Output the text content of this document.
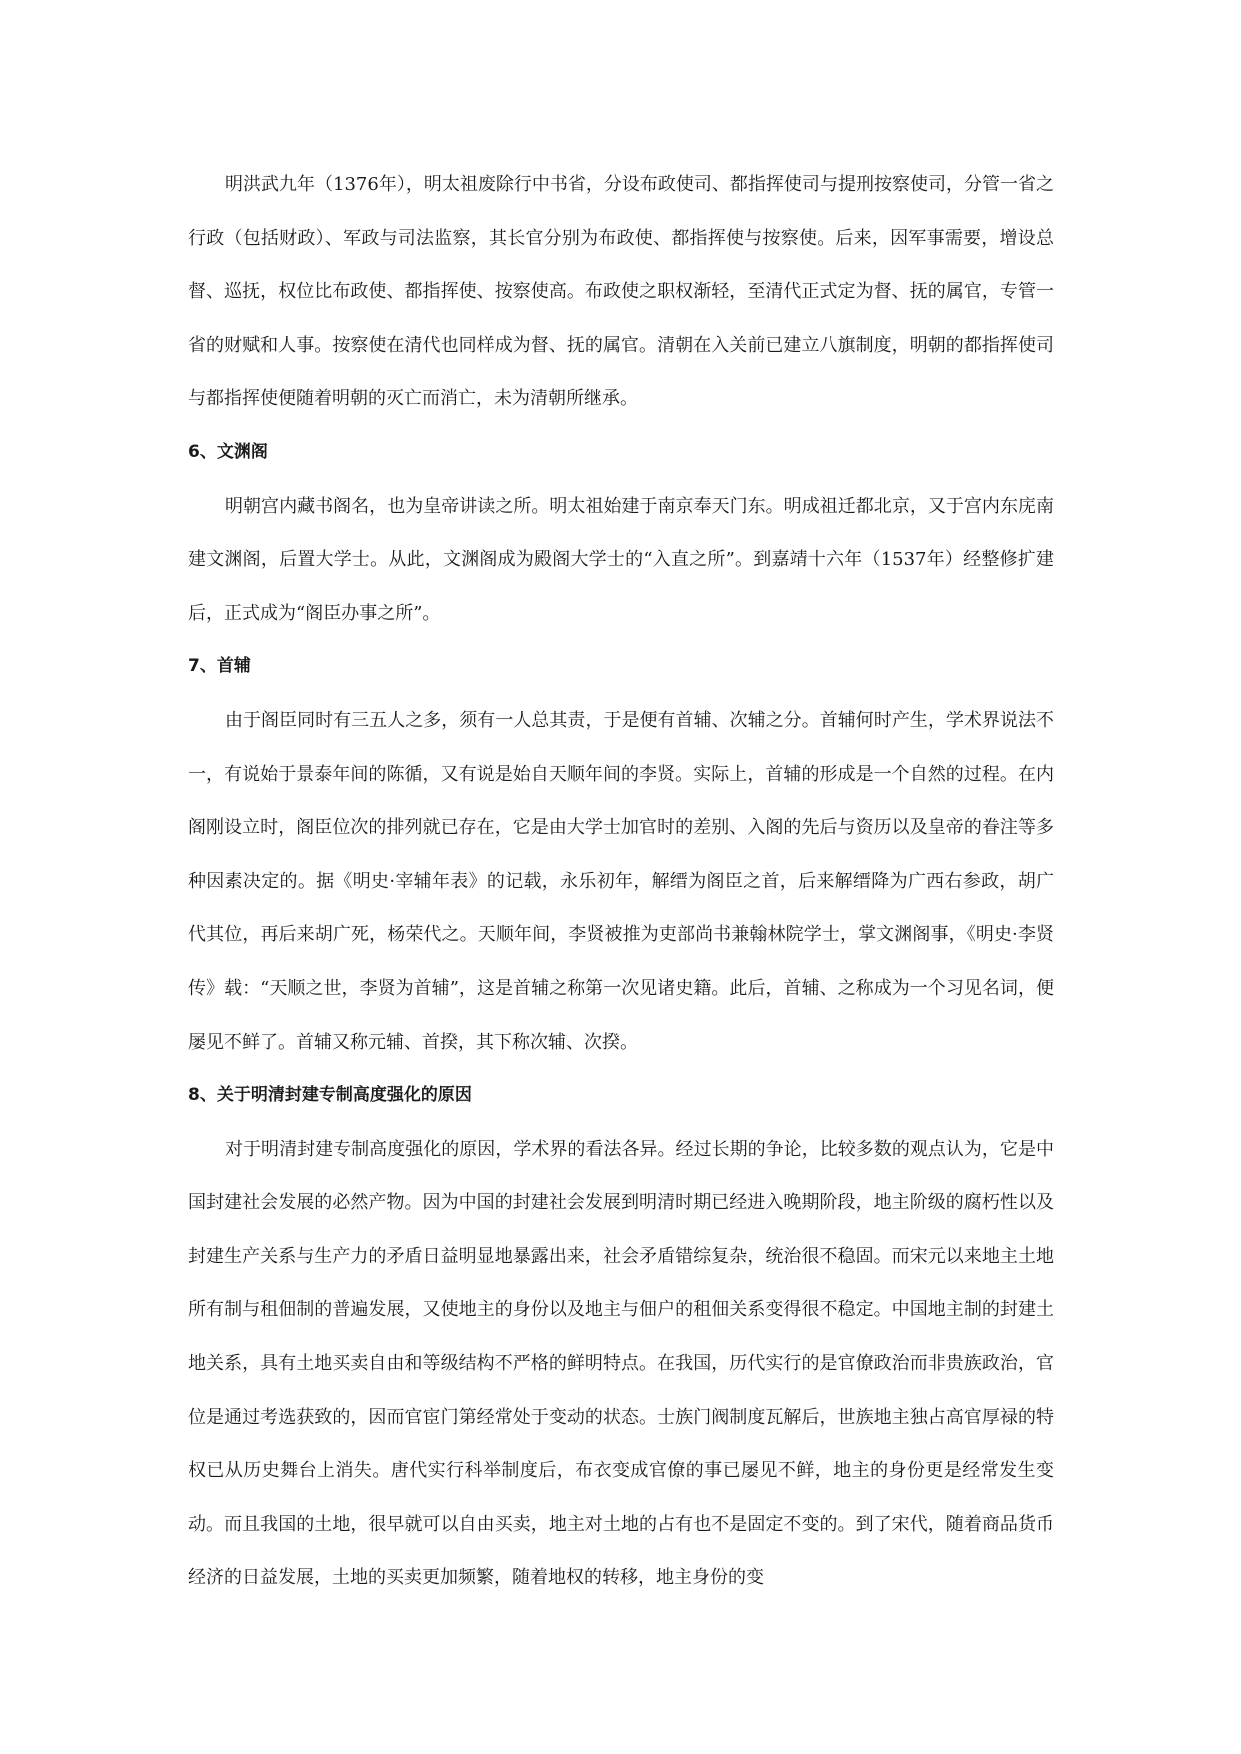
明洪武九年（1376年），明太祖废除行中书省，分设布政使司、都指挥使司与提刑按察使司，分管一省之行政（包括财政）、军政与司法监察，其长官分别为布政使、都指挥使与按察使。后来，因军事需要，增设总督、巡抚，权位比布政使、都指挥使、按察使高。布政使之职权渐轻，至清代正式定为督、抚的属官，专管一省的财赋和人事。按察使在清代也同样成为督、抚的属官。清朝在入关前已建立八旗制度，明朝的都指挥使司与都指挥使便随着明朝的灭亡而消亡，未为清朝所继承。

6、文渊阁

明朝宫内藏书阁名，也为皇帝讲读之所。明太祖始建于南京奉天门东。明成祖迁都北京，又于宫内东庑南建文渊阁，后置大学士。从此，文渊阁成为殿阁大学士的“入直之所”。到嘉靖十六年（1537年）经整修扩建后，正式成为“阁臣办事之所”。

7、首辅

由于阁臣同时有三五人之多，须有一人总其责，于是便有首辅、次辅之分。首辅何时产生，学术界说法不一，有说始于景泰年间的陈循，又有说是始自天顺年间的李贤。实际上，首辅的形成是一个自然的过程。在内阁刚设立时，阁臣位次的排列就已存在，它是由大学士加官时的差别、入阁的先后与资历以及皇帝的眷注等多种因素决定的。据《明史·宰辅年表》的记载，永乐初年，解缙为阁臣之首，后来解缙降为广西右参政，胡广代其位，再后来胡广死，杨荣代之。天顺年间，李贤被推为吏部尚书兼翰林院学士，掌文渊阁事，《明史·李贤传》载：“天顺之世，李贤为首辅”，这是首辅之称第一次见诸史籍。此后，首辅、之称成为一个习见名词，便屡见不鲜了。首辅又称元辅、首揆，其下称次辅、次揆。

8、关于明清封建专制高度强化的原因

对于明清封建专制高度强化的原因，学术界的看法各异。经过长期的争论，比较多数的观点认为，它是中国封建社会发展的必然产物。因为中国的封建社会发展到明清时期已经进入晚期阶段，地主阶级的腐朽性以及封建生产关系与生产力的矛盾日益明显地暴露出来，社会矛盾错综复杂，统治很不稳固。而宋元以来地主土地所有制与租佃制的普遍发展，又使地主的身份以及地主与佃户的租佃关系变得很不稳定。中国地主制的封建土地关系，具有土地买卖自由和等级结构不严格的鲜明特点。在我国，历代实行的是官僚政治而非贵族政治，官位是通过考选获致的，因而官宦门第经常处于变动的状态。士族门阀制度瓦解后，世族地主独占高官厚禄的特权已从历史舞台上消失。唐代实行科举制度后，布衣变成官僚的事已屡见不鲜，地主的身份更是经常发生变动。而且我国的土地，很早就可以自由买卖，地主对土地的占有也不是固定不变的。到了宋代，随着商品货币经济的日益发展，土地的买卖更加频繁，随着地权的转移，地主身份的变
